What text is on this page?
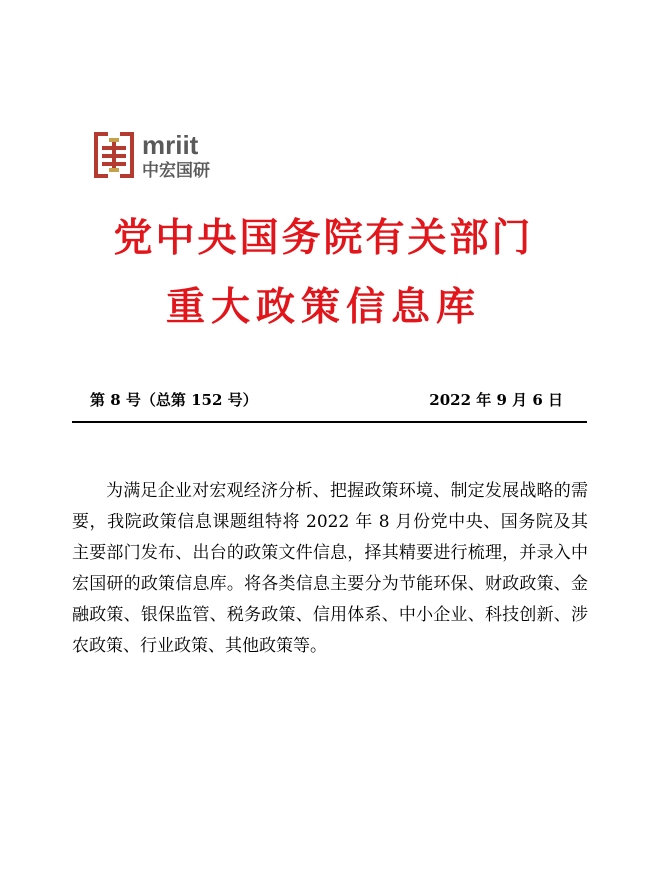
mriit
中宏国研
党中央国务院有关部门
重大政策信息库
第 8 号（总第 152 号）	2022 年 9 月 6 日

为满足企业对宏观经济分析、把握政策环境、制定发展战略的需要，我院政策信息课题组特将 2022 年 8 月份党中央、国务院及其主要部门发布、出台的政策文件信息，择其精要进行梳理，并录入中宏国研的政策信息库。将各类信息主要分为节能环保、财政政策、金融政策、银保监管、税务政策、信用体系、中小企业、科技创新、涉农政策、行业政策、其他政策等。
